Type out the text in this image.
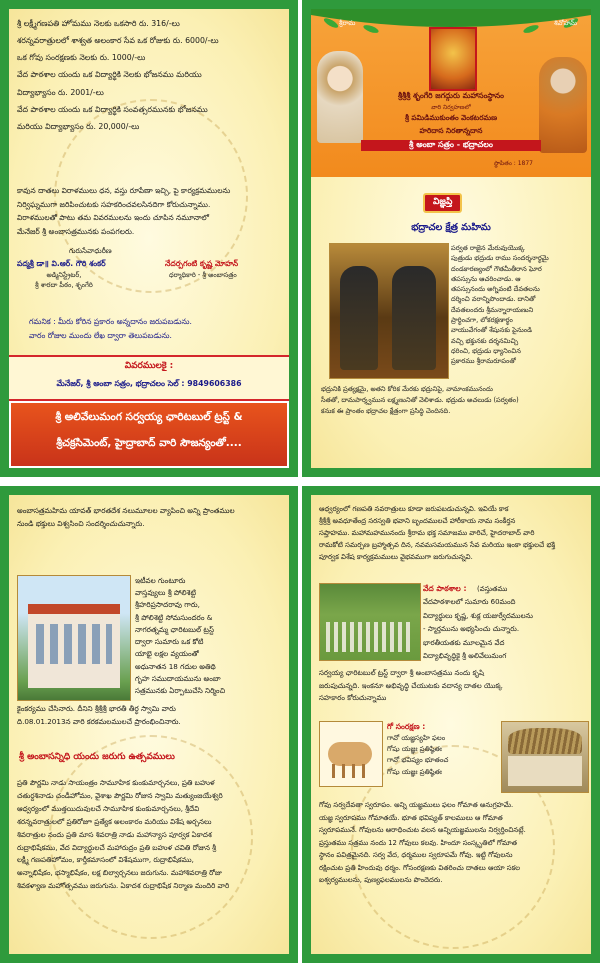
శ్రీ లక్ష్మీగణపతి హోమము నెలకు ఒకసారి రు. 316/-లు
శరన్నవరాత్రులలో శాశ్వత అలంకార సేవ ఒక రోజుకు రు. 6000/-లు
ఒక గోవు సంరక్షణకు నెలకు రు. 1000/-లు
వేద పాఠశాల యందు ఒక విద్యార్థికి నెలకు భోజనము మరియు
విద్యాభ్యాసం రు. 2001/-లు
వేద పాఠశాల యందు ఒక విద్యార్థికి సంవత్సరమునకు భోజనము
మరియు విద్యాభ్యాసం రు. 20,000/-లు
కావున దాతలు విరాళములు ధన, వస్తు రూపేణా ఇచ్చి, పై కార్యక్రమములను
నిర్విఘ్నముగా జరిపించుటకు సహకరించవలసినదిగా కోరుచున్నాము.
విరాళములతో పాటు తమ వివరములను ఇందు చూపిన నమూనాలో
మేనేజర్ శ్రీ అంబాసత్రమునకు పంపగలరు.
గురుసేవాధురీణ
పద్మశ్రీ డా॥ వి.ఆర్. గౌరి శంకర్
అడ్మినిస్ట్రేటర్,
శ్రీ శారదా పీఠం, శృంగేరి
నేదర్పగంటి కృష్ణ మోహన్
ధర్మాధికారి - శ్రీ అంబాసత్రం
గమనిక : మీరు కోరిన ప్రకారం అన్నదానం జరుపబడును.
వారం రోజుల ముందు లేఖ ద్వారా తెలుపబడును.
వివరములకై :
మేనేజర్, శ్రీ అంబా సత్రం, భద్రాచలం సెల్ : 9849606386
శ్రీ అలివేలుమంగ సర్వయ్య ఛారిటబుల్ ట్రస్ట్ &
శ్రీచక్రసిమెంట్, హైద్రాబాద్ వారి సౌజన్యంతో....
శ్రీరామ	శివోహమ్
శ్రీశ్రీశ్రీ శృంగేరి జగద్గురు మహాసంస్థానం
వారి నిర్వహణలో
శ్రీ పమిడిముకుంతం వెంకటరమణ
హరిదాస నిరతాన్నదాన
శ్రీ అంబా సత్రం - భద్రాచలం
స్థాపితం : 1877
విజ్ఞప్తి
భద్రాచల క్షేత్ర మహిమ
పర్వత రాజైన మేరువుయొక్క
పుత్రుడు భద్రుడు రాము సందర్శనార్థమై
దండకారణ్యంలో గౌతమీతీరాన ఘోర
తపస్సును ఆచరించాడు. ఆ
తపస్సునందు అగ్నివంటి దేవతలను
దర్శించి వరాన్నిపొందాడు. దానితో
దేవతలందరు శ్రీమన్నారాయణుని
ప్రార్థించగా, లోకరక్షణార్థం
వాయువేగంతో శేషునకు పైనుండి
వచ్చి భక్తునకు దర్శనమిచ్చి
ధరించి, భద్రుడు ధ్యానించిన
ప్రకారము శ్రీరామరూపంతో
భద్రునికి ప్రత్యక్షమై, అతని కోరిక మేరకు భద్రునిపై, వామాంకమునందు
సీతతో, దామపార్శ్వమున లక్ష్మణునితో వెలిశాడు. భద్రుడు అచలుడు (పర్వతం)
కనుక ఈ ప్రాంతం భద్రాచల క్షేత్రంగా ప్రసిద్ధి చెందినది.
అంబాసత్రమహిమ యావత్ భారతదేశ నలుమూలల వ్యాపించి అన్ని ప్రాంతముల
నుండి భక్తులు విశ్వసించి సందర్శించుచున్నారు.
ఇటీవల గుంటూరు
వాస్తవ్యులు శ్రీ పోలిశెట్టి
శ్రీహరిప్రసాదరావు గారు,
శ్రీ పోలిశెట్టి సోమసుందరం &
నాగరత్నమ్మ ఛారిటబుల్ ట్రస్ట్
ద్వారా సుమారు ఒక కోటి
యాభై లక్షల వ్యయంతో
అధునాతన 18 గదుల అతిథి
గృహ సముదాయమును అంబా
సత్రమునకు ఏర్పాటుచేసి నిర్మించి
కైంకర్యము చేసినారు. దీనిని శ్రీశ్రీశ్రీ భారతీ తీర్థ స్వామి వారు
ది.08.01.2013న వారి కరకమలములచే ప్రారంభించినారు.
శ్రీ అంబాసన్నిధి యందు జరుగు ఉత్సవములు
ప్రతి పౌర్ణమి నాడు సాయంత్రం సామూహిక కుంకుమార్చనలు, ప్రతి బహుళ
చతుర్దశినాడు చండీహోమం, వైశాఖ పౌర్ణమి రోజున స్వామి మత్యుంజయేశ్వరి
ఆధ్వర్యంలో ముత్తయిదువులచే సామూహిక కుంకుమార్చనలు, శ్రీదేవి
శరన్నవరాత్రులలో ప్రతిరోజూ ప్రత్యేక అలంకారం మరియు విశేష అర్చనలు
శివరాత్రుల నందు ప్రతి మాస శివరాత్రి నాడు మహాన్యాస పూర్వక ఏకాదశ
రుద్రాభిషేకము, వేద విద్యార్థులచే మహారుద్రం ప్రతి బహుళ చవితి రోజున శ్రీ
లక్ష్మీ గణపతిహోమం, కార్తీకమాసంలో విశేషముగా, రుద్రాభిషేకము,
అన్నాభిషేకం, భస్మాభిషేకం, లక్ష బిల్వార్చనలు జరుగును. మహాశివరాత్రి రోజు
శివకళ్యాణ మహోత్సవము జరుగును. ఏకాదశ రుద్రాభిషేక నిర్మాణ మందిరి వారి
ఆధ్వర్యంలో గణపతి నవరాత్రులు కూడా జరుపబడుచున్నవి. ఇవియే కాక
శ్రీశ్రీశ్రీ అవధూతేంద్ర సరస్వతి భవాని బృందములచే హారీకాయ నామ సంకీర్తన
సప్తాహము. మహామహమునందు శ్రీరామ భక్త సమాజము వారిచే, హైదరాబాద్ వారి
రామకోటి సమర్పణ బ్రహ్మాత్సవ దిన, నవమసమయమున సేవ మరియు ఇంకా భక్తులచే భక్తి
పూర్వక విశేష కార్యక్రమములు వైభవముగా జరుగుచున్నవి.
వేద పాఠశాల :	(వస్తుతము
వేదపాఠశాలలో సుమారు 60మంది
విద్యార్థులు కృష్ణ, శుక్ల యజుర్వేదములను
- స్మార్తమును అభ్యసించు చున్నారు.
భారతీయతకు మూలమైన వేద
విద్యాభివృద్ధికై శ్రీ అలివేలుమంగ
సర్వయ్య ఛారిటబుల్ ట్రస్ట్ ద్వారా శ్రీ అంబాసత్రము నందు కృషి
జరుపుచున్నది. ఇంకనూ అభివృద్ధి చేయుటకు వదాన్య దాతల యొక్క
సహకారం కోరుచున్నాము
గో సంరక్షణ :
గావో యజ్ఞస్యహి ఫలం
గోషు యజ్ఞః ప్రతిష్ఠితః
గావో భవిష్యం భూతంచ
గోషు యజ్ఞః ప్రతిష్ఠితః
గోవు సర్వదేవతా స్వరూపం. అన్ని యజ్ఞములు ఫలం గోమాత అనుగ్రహమే.
యజ్ఞ స్వరూపము గోమాతయే. భూత భవిష్యత్ కాలములు ఆ గోమాత
స్వరూపమునే. గోవులను ఆరాధించుట వలన అన్నియజ్ఞములను నిర్వర్తించినట్లే.
ప్రస్తుతము సత్రము నందు 12 గోవులు కలవు. హిందూ సంస్కృతిలో గోమాత
స్థానం పవిత్రమైనది. సర్వ వేద, ధర్మముల స్వరూపమే గోవు. ఇట్టి గోవులను
రక్షించుట ప్రతి హిందువు ధర్మం. గోసంరక్షణకు వితరించు దాతలు ఆయా సకల
ఐశ్వర్యములను, పుణ్యఫలములను పొందెదరు.
